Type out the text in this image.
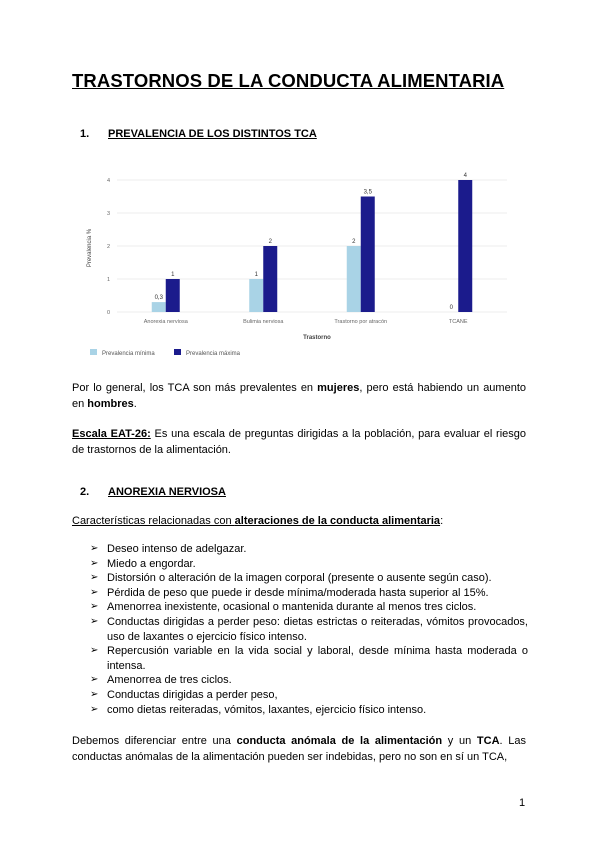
TRASTORNOS DE LA CONDUCTA ALIMENTARIA
1. PREVALENCIA DE LOS DISTINTOS TCA
0
1
2
3
4
0,3
1	1
2	2
3,5
0
4
Anorexia nerviosa	Bulimia nerviosa	Trastorno por atracón	TCANE
Prevalencia %
Trastorno
Prevalencia mínima	Prevalencia máxima

Por lo general, los TCA son más prevalentes en mujeres, pero está habiendo un aumento en hombres.

Escala EAT-26: Es una escala de preguntas dirigidas a la población, para evaluar el riesgo de trastornos de la alimentación.

2. ANOREXIA NERVIOSA
Características relacionadas con alteraciones de la conducta alimentaria:
➢ Deseo intenso de adelgazar.
➢ Miedo a engordar.
➢ Distorsión o alteración de la imagen corporal (presente o ausente según caso).
➢ Pérdida de peso que puede ir desde mínima/moderada hasta superior al 15%.
➢ Amenorrea inexistente, ocasional o mantenida durante al menos tres ciclos.
➢ Conductas dirigidas a perder peso: dietas estrictas o reiteradas, vómitos provocados, uso de laxantes o ejercicio físico intenso.
➢ Repercusión variable en la vida social y laboral, desde mínima hasta moderada o intensa.
➢ Amenorrea de tres ciclos.
➢ Conductas dirigidas a perder peso,
➢ como dietas reiteradas, vómitos, laxantes, ejercicio físico intenso.

Debemos diferenciar entre una conducta anómala de la alimentación y un TCA. Las conductas anómalas de la alimentación pueden ser indebidas, pero no son en sí un TCA,

1
